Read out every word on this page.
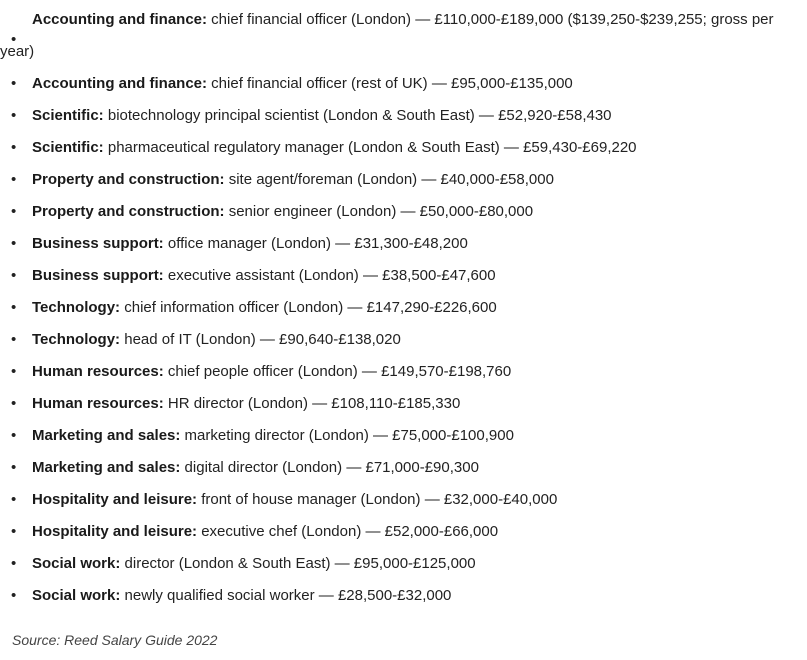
•
Accounting and finance: chief financial officer (London) — £110,000-£189,000 ($139,250-$239,255; gross per year)
• Accounting and finance: chief financial officer (rest of UK) — £95,000-£135,000
• Scientific: biotechnology principal scientist (London & South East) — £52,920-£58,430
• Scientific: pharmaceutical regulatory manager (London & South East) — £59,430-£69,220
• Property and construction: site agent/foreman (London) — £40,000-£58,000
• Property and construction: senior engineer (London) — £50,000-£80,000
• Business support: office manager (London) — £31,300-£48,200
• Business support: executive assistant (London) — £38,500-£47,600
• Technology: chief information officer (London) — £147,290-£226,600
• Technology: head of IT (London) — £90,640-£138,020
• Human resources: chief people officer (London) — £149,570-£198,760
• Human resources: HR director (London) — £108,110-£185,330
• Marketing and sales: marketing director (London) — £75,000-£100,900
• Marketing and sales: digital director (London) — £71,000-£90,300
• Hospitality and leisure: front of house manager (London) — £32,000-£40,000
• Hospitality and leisure: executive chef (London) — £52,000-£66,000
• Social work: director (London & South East) — £95,000-£125,000
• Social work: newly qualified social worker — £28,500-£32,000

Source: Reed Salary Guide 2022
